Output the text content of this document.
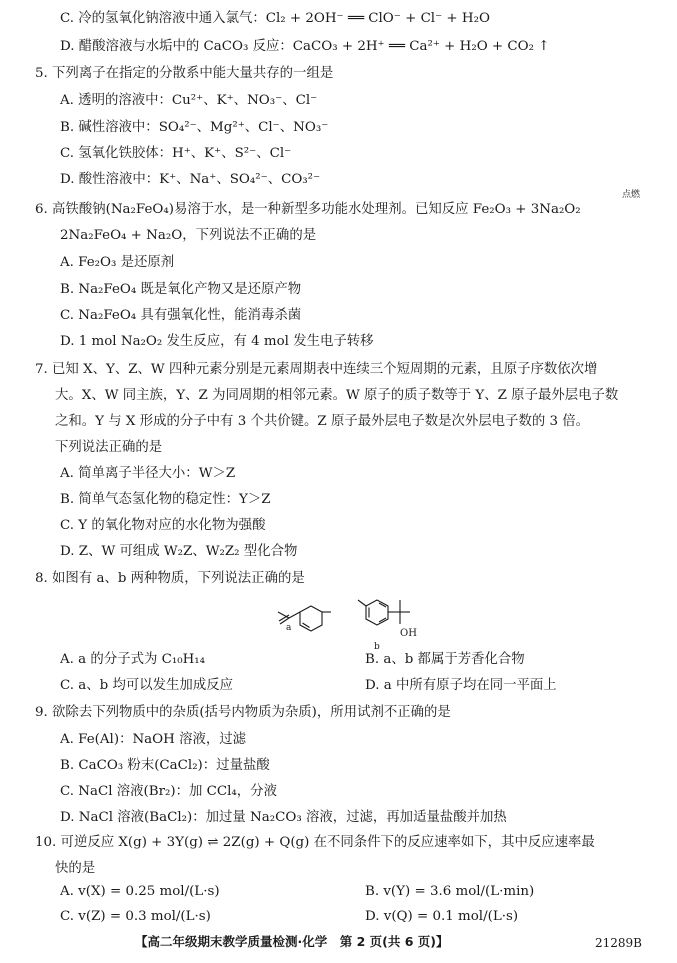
C. 冷的氢氧化钠溶液中通入氯气：Cl₂ + 2OH⁻ ══ ClO⁻ + Cl⁻ + H₂O
D. 醋酸溶液与水垢中的 CaCO₃ 反应：CaCO₃ + 2H⁺ ══ Ca²⁺ + H₂O + CO₂ ↑
5. 下列离子在指定的分散系中能大量共存的一组是
A. 透明的溶液中：Cu²⁺、K⁺、NO₃⁻、Cl⁻
B. 碱性溶液中：SO₄²⁻、Mg²⁺、Cl⁻、NO₃⁻
C. 氢氧化铁胶体：H⁺、K⁺、S²⁻、Cl⁻
D. 酸性溶液中：K⁺、Na⁺、SO₄²⁻、CO₃²⁻
6. 高铁酸钠(Na₂FeO₄)易溶于水，是一种新型多功能水处理剂。已知反应 Fe₂O₃ + 3Na₂O₂
点燃
2Na₂FeO₄ + Na₂O，下列说法不正确的是
A. Fe₂O₃ 是还原剂
B. Na₂FeO₄ 既是氧化产物又是还原产物
C. Na₂FeO₄ 具有强氧化性，能消毒杀菌
D. 1 mol Na₂O₂ 发生反应，有 4 mol 发生电子转移
7. 已知 X、Y、Z、W 四种元素分别是元素周期表中连续三个短周期的元素，且原子序数依次增
大。X、W 同主族，Y、Z 为同周期的相邻元素。W 原子的质子数等于 Y、Z 原子最外层电子数
之和。Y 与 X 形成的分子中有 3 个共价键。Z 原子最外层电子数是次外层电子数的 3 倍。
下列说法正确的是
A. 简单离子半径大小：W＞Z
B. 简单气态氢化物的稳定性：Y＞Z
C. Y 的氧化物对应的水化物为强酸
D. Z、W 可组成 W₂Z、W₂Z₂ 型化合物
8. 如图有 a、b 两种物质，下列说法正确的是
a	OH
b
A. a 的分子式为 C₁₀H₁₄	B. a、b 都属于芳香化合物
C. a、b 均可以发生加成反应	D. a 中所有原子均在同一平面上
9. 欲除去下列物质中的杂质(括号内物质为杂质)，所用试剂不正确的是
A. Fe(Al)：NaOH 溶液，过滤
B. CaCO₃ 粉末(CaCl₂)：过量盐酸
C. NaCl 溶液(Br₂)：加 CCl₄，分液
D. NaCl 溶液(BaCl₂)：加过量 Na₂CO₃ 溶液，过滤，再加适量盐酸并加热
10. 可逆反应 X(g) + 3Y(g) ⇌ 2Z(g) + Q(g) 在不同条件下的反应速率如下，其中反应速率最
快的是
A. v(X) = 0.25 mol/(L·s)	B. v(Y) = 3.6 mol/(L·min)
C. v(Z) = 0.3 mol/(L·s)	D. v(Q) = 0.1 mol/(L·s)
【高二年级期末教学质量检测·化学　第 2 页(共 6 页)】	21289B
